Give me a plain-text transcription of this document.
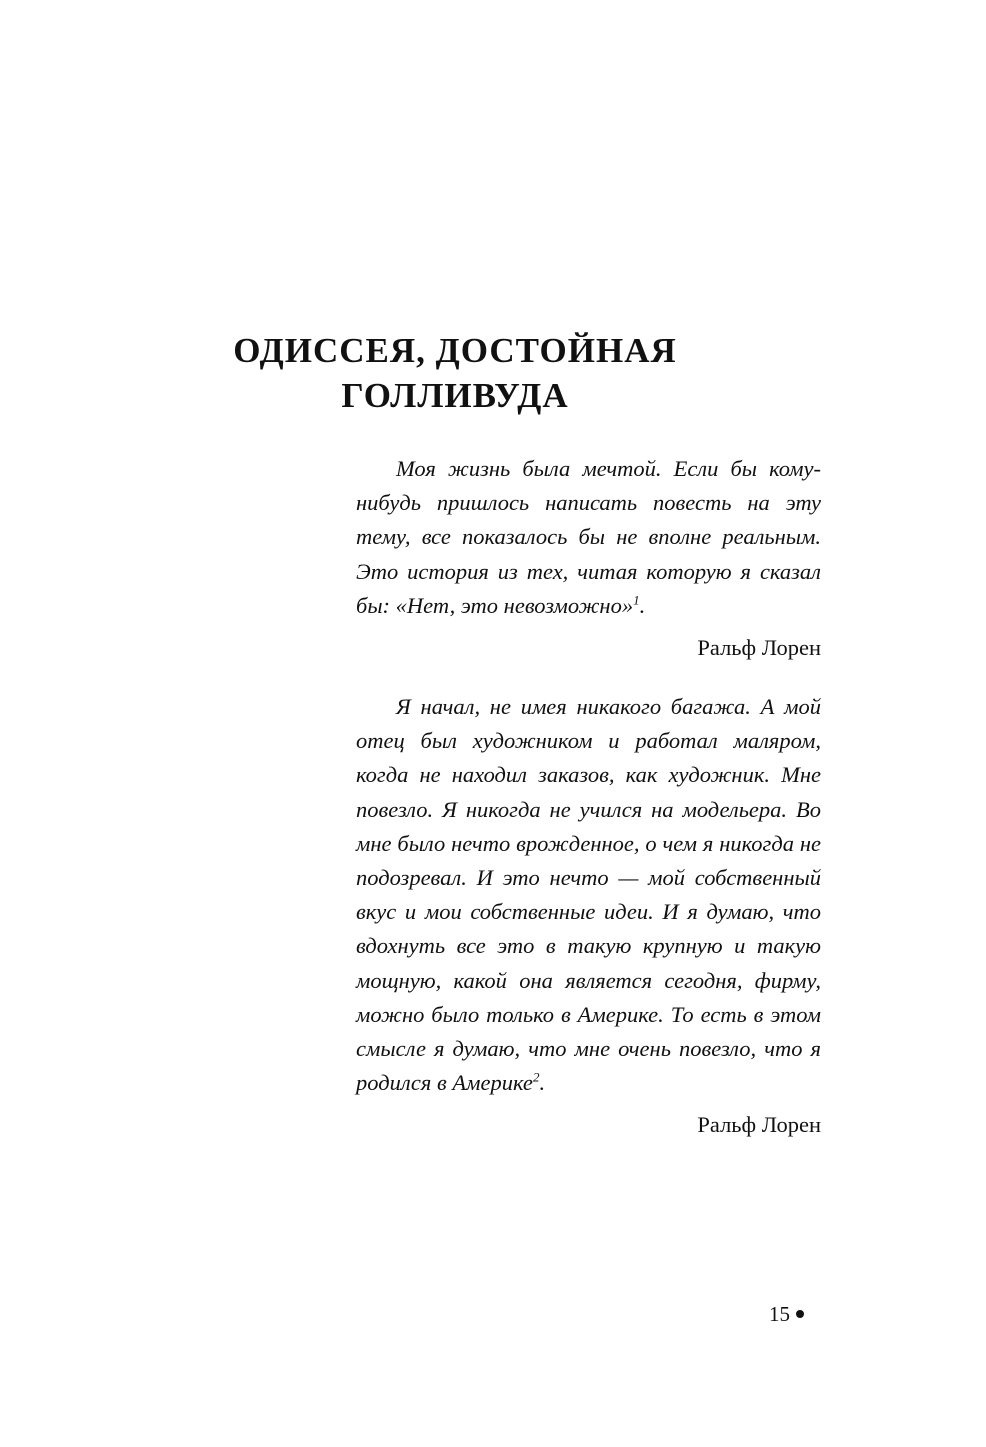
ОДИССЕЯ, ДОСТОЙНАЯ
ГОЛЛИВУДА

Моя жизнь была мечтой. Если бы кому-нибудь пришлось написать повесть на эту тему, все показалось бы не вполне реальным. Это история из тех, читая которую я сказал бы: «Нет, это невозможно»$^1$.

Ральф Лорен

Я начал, не имея никакого багажа. А мой отец был художником и работал маляром, когда не находил заказов, как художник. Мне повезло. Я никогда не учился на модельера. Во мне было нечто врожденное, о чем я никогда не подозревал. И это нечто — мой собственный вкус и мои собственные идеи. И я думаю, что вдохнуть все это в такую крупную и такую мощную, какой она является сегодня, фирму, можно было только в Америке. То есть в этом смысле я думаю, что мне очень повезло, что я родился в Америке$^2$.

Ральф Лорен

15
